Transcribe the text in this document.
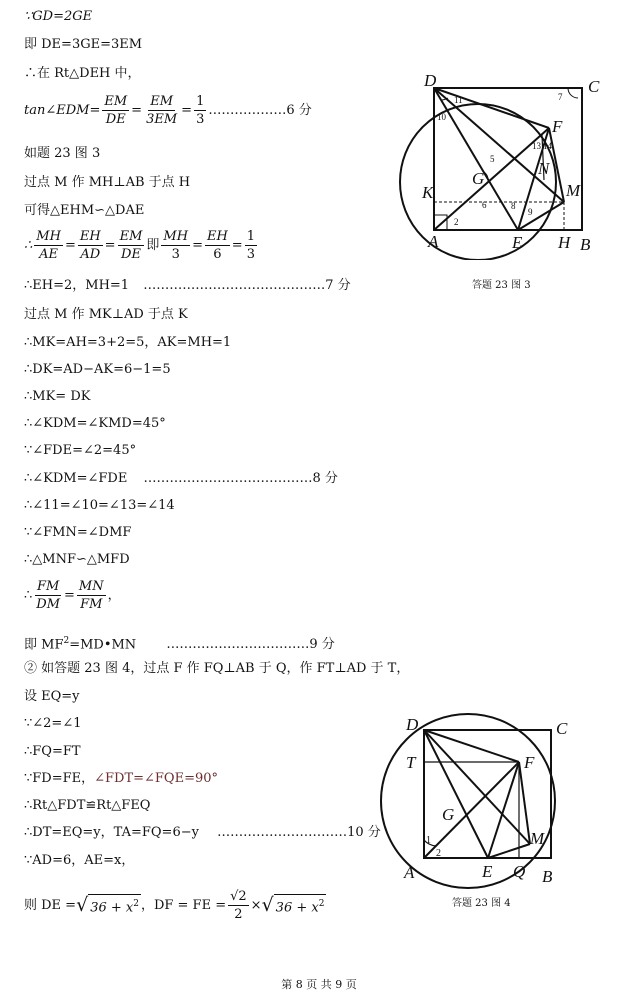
∵GD=2GE
即 DE=3GE=3EM
∴在 Rt△DEH 中，
tan∠EDM= $\frac{EM}{DE} = \frac{EM}{3EM} = \frac{1}{3}$ ………………6 分
如题 23 图 3
过点 M 作 MH⊥AB 于点 H
可得△EHM∽△DAE
∴ $\frac{MH}{AE} = \frac{EH}{AD} = \frac{EM}{DE}$ 即 $\frac{MH}{3} = \frac{EH}{6} = \frac{1}{3}$
∴EH=2，MH=1 ……………………………………7 分
过点 M 作 MK⊥AD 于点 K
∴MK=AH=3+2=5，AK=MH=1
∴DK=AD−AK=6−1=5
∴MK= DK
∴∠KDM=∠KMD=45°
∵∠FDE=∠2=45°
∴∠KDM=∠FDE …………………………………8 分
∴∠11=∠10=∠13=∠14
∵∠FMN=∠DMF
∴△MNF∽△MFD
∴ $\frac{FM}{DM} = \frac{MN}{FM}$ ，
即 $MF^2=MD•MN$ ……………………………9 分
② 如答题 23 图 4，过点 F 作 FQ⊥AB 于 Q，作 FT⊥AD 于 T，
设 EQ=y
∵∠2=∠1
∴FQ=FT
∵FD=FE，∠FDT=∠FQE=90°
∴Rt△FDT≌Rt△FEQ
∴DT=EQ=y，TA=FQ=6−y …………………………10 分
∵AD=6，AE=x，
则 DE = √ $36 + x^2$ ，DF = FE = $\frac{√2}{2}$ × √ $36 + x^2$
D	C
F
N
G
K	M
A	E H B
11	7
10
13 14
5
6	8
9
2
答题 23 图 3
D	C
T	F
G
M
A	E Q B
1
2
答题 23 图 4
第 8 页 共 9 页
